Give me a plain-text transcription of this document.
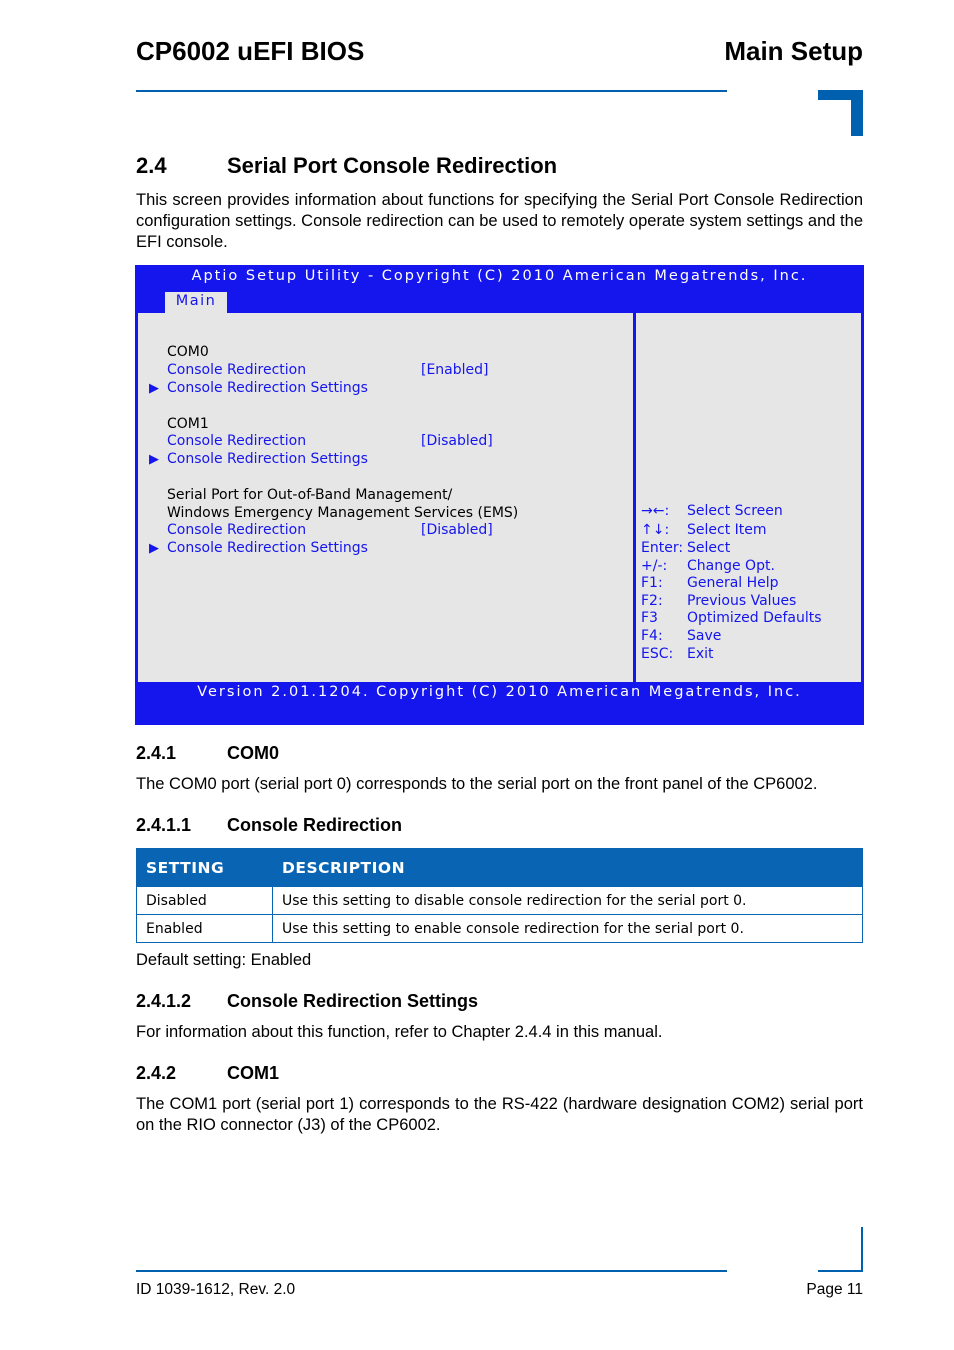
CP6002 uEFI BIOS	Main Setup
2.4	Serial Port Console Redirection
This screen provides information about functions for specifying the Serial Port Console Redirection configuration settings. Console redirection can be used to remotely operate system settings and the EFI console.
Aptio Setup Utility - Copyright (C) 2010 American Megatrends, Inc.
Main
COM0
Console Redirection	[Enabled]
▶ Console Redirection Settings
COM1
Console Redirection	[Disabled]
▶ Console Redirection Settings
Serial Port for Out-of-Band Management/
Windows Emergency Management Services (EMS)
Console Redirection	[Disabled]
▶ Console Redirection Settings
→←: Select Screen
↑↓: Select Item
Enter: Select
+/-: Change Opt.
F1: General Help
F2: Previous Values
F3 Optimized Defaults
F4: Save
ESC: Exit
Version 2.01.1204. Copyright (C) 2010 American Megatrends, Inc.
2.4.1	COM0
The COM0 port (serial port 0) corresponds to the serial port on the front panel of the CP6002.
2.4.1.1 Console Redirection
SETTING	DESCRIPTION
Disabled	Use this setting to disable console redirection for the serial port 0.
Enabled	Use this setting to enable console redirection for the serial port 0.
Default setting: Enabled
2.4.1.2 Console Redirection Settings
For information about this function, refer to Chapter 2.4.4 in this manual.
2.4.2	COM1
The COM1 port (serial port 1) corresponds to the RS-422 (hardware designation COM2) serial port on the RIO connector (J3) of the CP6002.
ID 1039-1612, Rev. 2.0	Page 11
